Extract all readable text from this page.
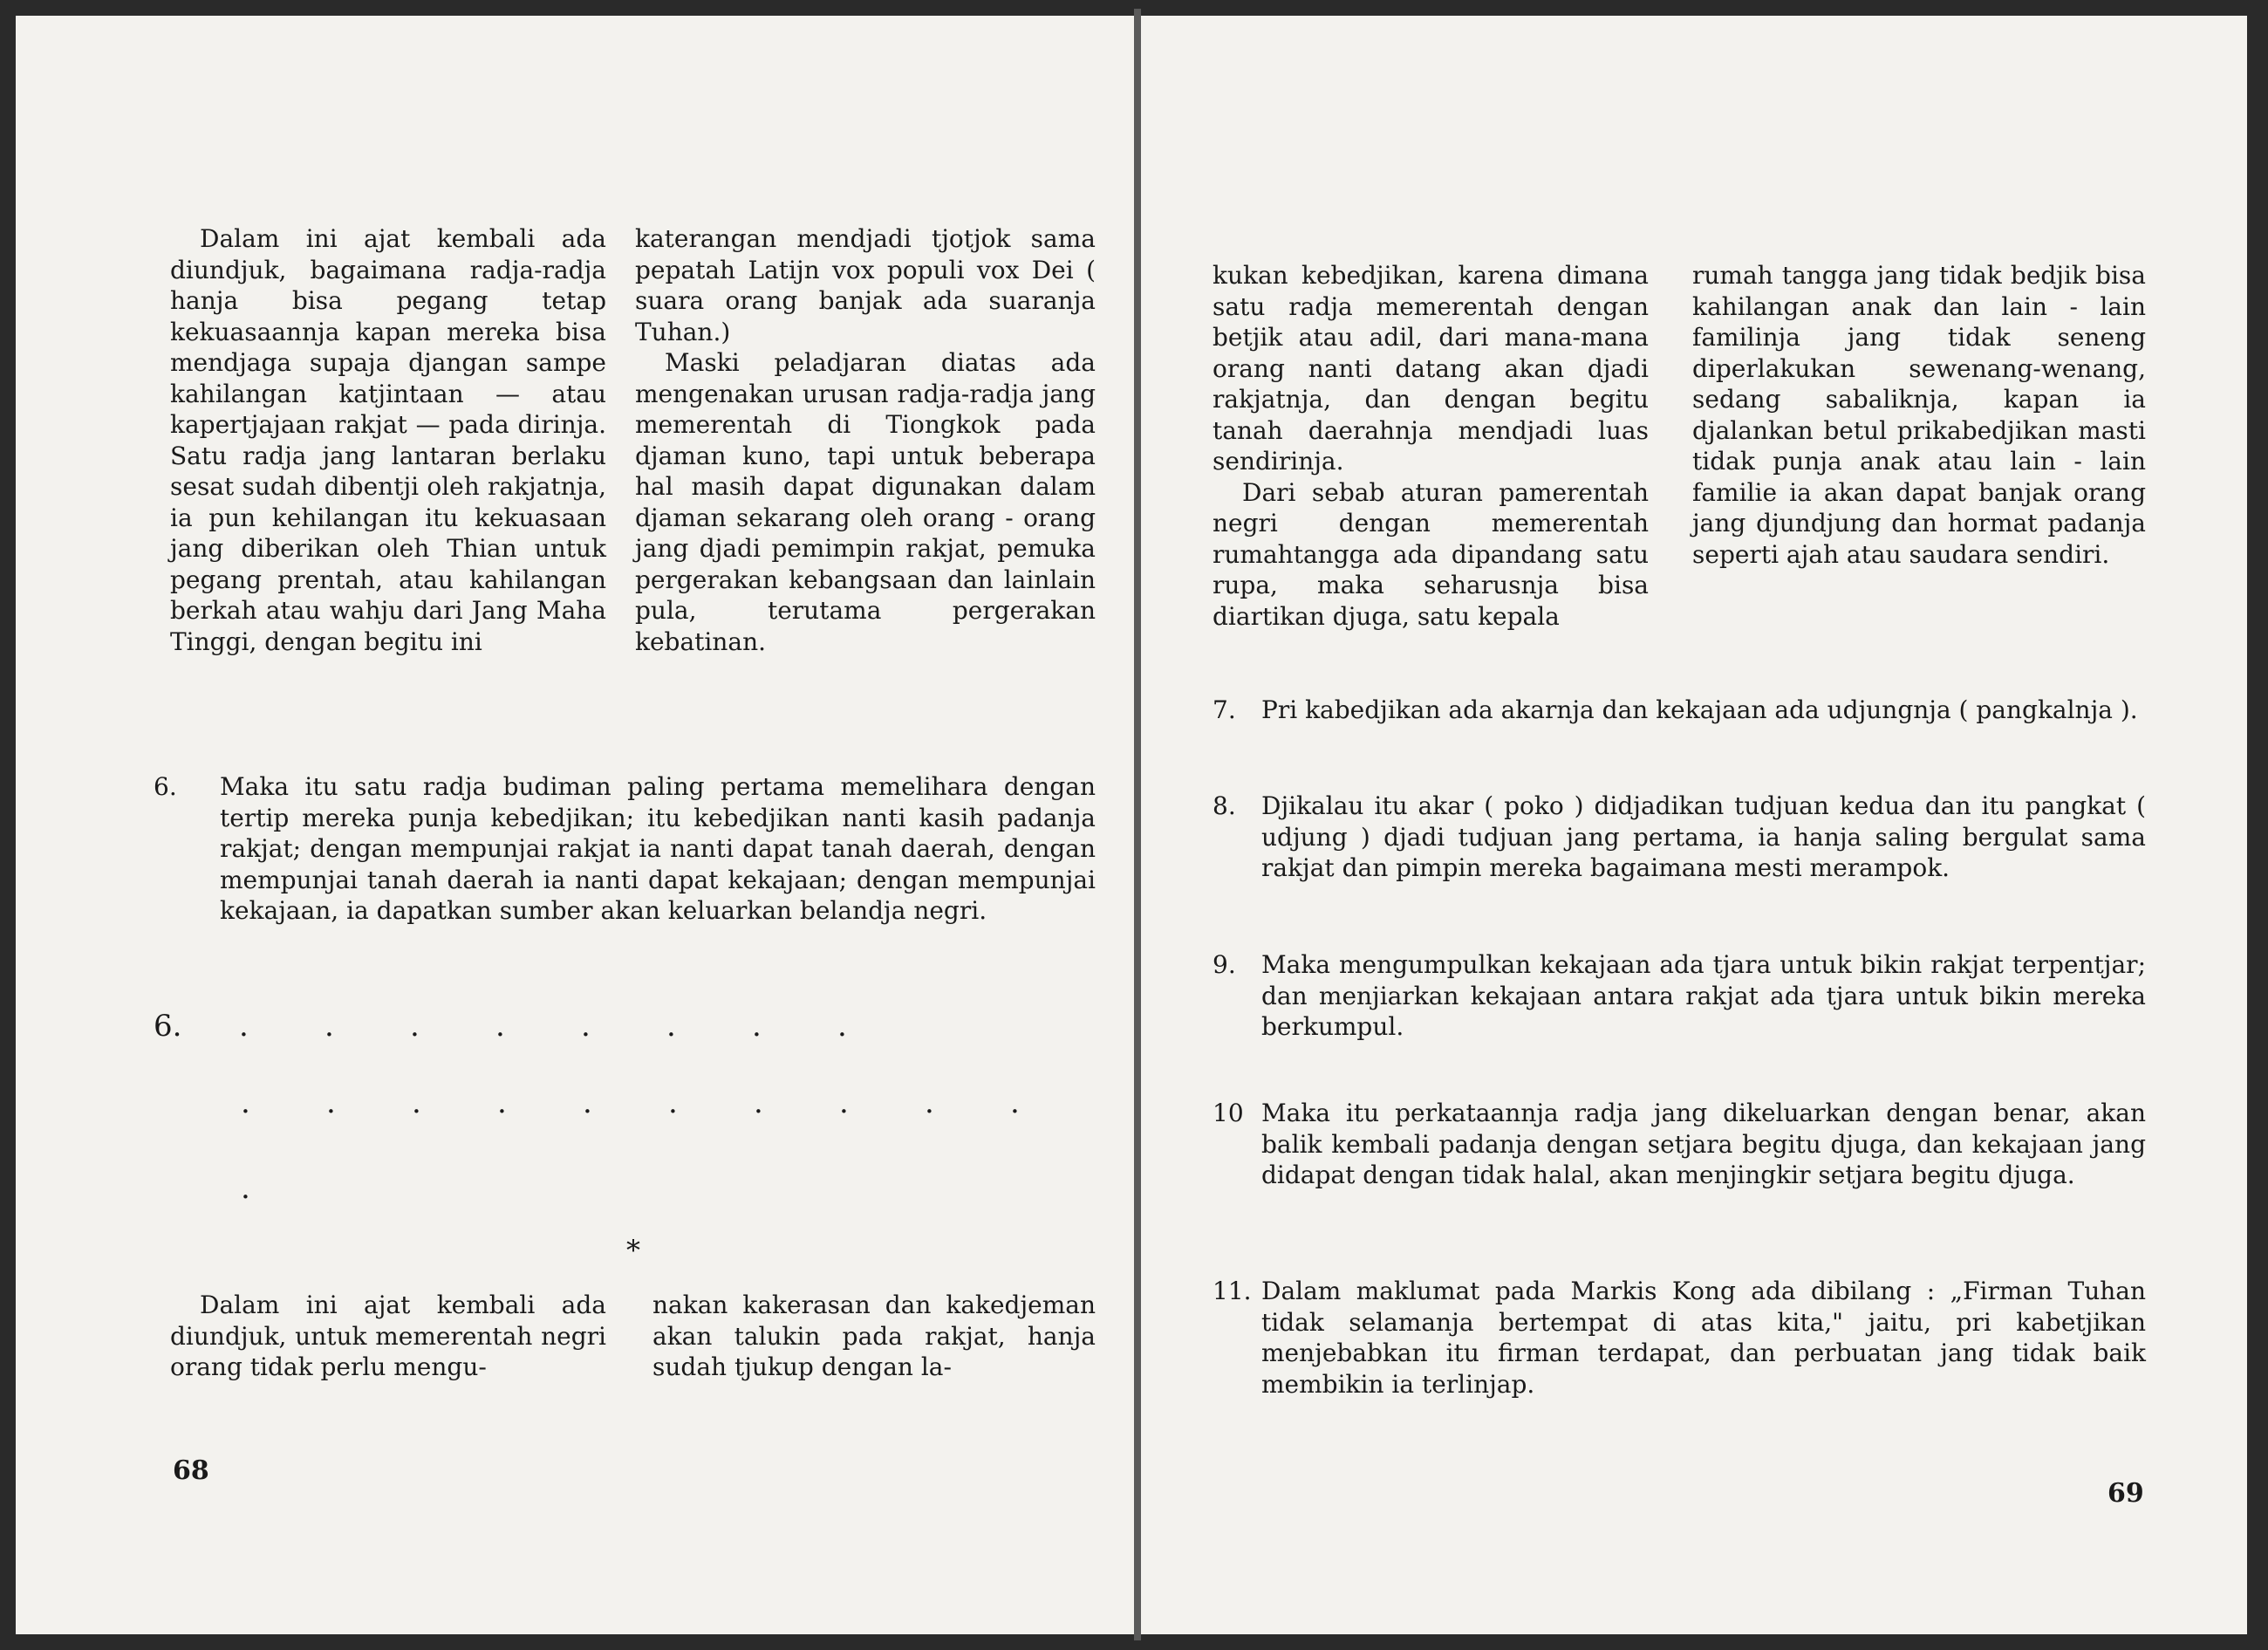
Dalam ini ajat kembali ada diundjuk, bagaimana radja-radja hanja bisa pegang tetap kekuasaannja kapan mereka bisa mendjaga supaja djangan sampe kahilangan katjintaan — atau kapertjajaan rakjat — pada dirinja. Satu radja jang lantaran berlaku sesat sudah dibentji oleh rakjatnja, ia pun kehilangan itu kekuasaan jang diberikan oleh Thian untuk pegang prentah, atau kahilangan berkah atau wahju dari Jang Maha Tinggi, dengan begitu ini

katerangan mendjadi tjotjok sama pepatah Latijn vox populi vox Dei ( suara orang banjak ada suaranja Tuhan.)

Maski peladjaran diatas ada mengenakan urusan radja-radja jang memerentah di Tiongkok pada djaman kuno, tapi untuk beberapa hal masih dapat digunakan dalam djaman sekarang oleh orang - orang jang djadi pemimpin rakjat, pemuka pergerakan kebangsaan dan lainlain pula, terutama pergerakan kebatinan.

6. Maka itu satu radja budiman paling pertama memelihara dengan tertip mereka punja kebedjikan; itu kebedjikan nanti kasih padanja rakjat; dengan mempunjai rakjat ia nanti dapat tanah daerah, dengan mempunjai tanah daerah ia nanti dapat kekajaan; dengan mempunjai kekajaan, ia dapatkan sumber akan keluarkan belandja negri.
6. .	.	.	.	.	.	.	.
.	.	.	.	.	.	.	.	.	.
.
*

Dalam ini ajat kembali ada diundjuk, untuk memerentah negri orang tidak perlu mengu-

nakan kakerasan dan kakedjeman akan talukin pada rakjat, hanja sudah tjukup dengan la-

68

kukan kebedjikan, karena dimana satu radja memerentah dengan betjik atau adil, dari mana-mana orang nanti datang akan djadi rakjatnja, dan dengan begitu tanah daerahnja mendjadi luas sendirinja.

Dari sebab aturan pamerentah negri dengan memerentah rumahtangga ada dipandang satu rupa, maka seharusnja bisa diartikan djuga, satu kepala

rumah tangga jang tidak bedjik bisa kahilangan anak dan lain - lain familinja jang tidak seneng diperlakukan sewenang-wenang, sedang sabaliknja, kapan ia djalankan betul prikabedjikan masti tidak punja anak atau lain - lain familie ia akan dapat banjak orang jang djundjung dan hormat padanja seperti ajah atau saudara sendiri.

7. Pri kabedjikan ada akarnja dan kekajaan ada udjungnja ( pangkalnja ).
8. Djikalau itu akar ( poko ) didjadikan tudjuan kedua dan itu pangkat ( udjung ) djadi tudjuan jang pertama, ia hanja saling bergulat sama rakjat dan pimpin mereka bagaimana mesti merampok.
9. Maka mengumpulkan kekajaan ada tjara untuk bikin rakjat terpentjar; dan menjiarkan kekajaan antara rakjat ada tjara untuk bikin mereka berkumpul.
10 Maka itu perkataannja radja jang dikeluarkan dengan benar, akan balik kembali padanja dengan setjara begitu djuga, dan kekajaan jang didapat dengan tidak halal, akan menjingkir setjara begitu djuga.
11. Dalam maklumat pada Markis Kong ada dibilang : „Firman Tuhan tidak selamanja bertempat di atas kita," jaitu, pri kabetjikan menjebabkan itu firman terdapat, dan perbuatan jang tidak baik membikin ia terlinjap.
69
